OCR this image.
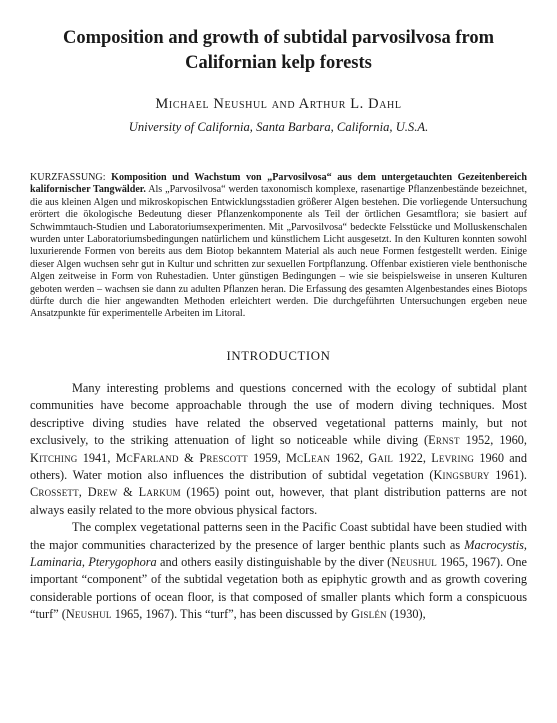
Composition and growth of subtidal parvosilvosa from Californian kelp forests
Michael Neushul and Arthur L. Dahl
University of California, Santa Barbara, California, U.S.A.
KURZFASSUNG: Komposition und Wachstum von „Parvosilvosa“ aus dem untergetauchten Gezeitenbereich kalifornischer Tangwälder. Als „Parvosilvosa“ werden taxonomisch komplexe, rasenartige Pflanzenbestände bezeichnet, die aus kleinen Algen und mikroskopischen Entwicklungsstadien größerer Algen bestehen. Die vorliegende Untersuchung erörtert die ökologische Bedeutung dieser Pflanzenkomponente als Teil der örtlichen Gesamtflora; sie basiert auf Schwimmtauch-Studien und Laboratoriumsexperimenten. Mit „Parvosilvosa“ bedeckte Felsstücke und Molluskenschalen wurden unter Laboratoriumsbedingungen natürlichem und künstlichem Licht ausgesetzt. In den Kulturen konnten sowohl luxurierende Formen von bereits aus dem Biotop bekanntem Material als auch neue Formen festgestellt werden. Einige dieser Algen wuchsen sehr gut in Kultur und schritten zur sexuellen Fortpflanzung. Offenbar existieren viele benthonische Algen zeitweise in Form von Ruhestadien. Unter günstigen Bedingungen – wie sie beispielsweise in unseren Kulturen geboten werden – wachsen sie dann zu adulten Pflanzen heran. Die Erfassung des gesamten Algenbestandes eines Biotops dürfte durch die hier angewandten Methoden erleichtert werden. Die durchgeführten Untersuchungen ergeben neue Ansatzpunkte für experimentelle Arbeiten im Litoral.
INTRODUCTION

Many interesting problems and questions concerned with the ecology of subtidal plant communities have become approachable through the use of modern diving techniques. Most descriptive diving studies have related the observed vegetational patterns mainly, but not exclusively, to the striking attenuation of light so noticeable while diving (Ernst 1952, 1960, Kitching 1941, McFarland & Prescott 1959, McLean 1962, Gail 1922, Levring 1960 and others). Water motion also influences the distribution of subtidal vegetation (Kingsbury 1961). Crossett, Drew & Larkum (1965) point out, however, that plant distribution patterns are not always easily related to the more obvious physical factors.

The complex vegetational patterns seen in the Pacific Coast subtidal have been studied with the major communities characterized by the presence of larger benthic plants such as Macrocystis, Laminaria, Pterygophora and others easily distinguishable by the diver (Neushul 1965, 1967). One important “component” of the subtidal vegetation both as epiphytic growth and as growth covering considerable portions of ocean floor, is that composed of smaller plants which form a conspicuous “turf” (Neushul 1965, 1967). This “turf”, has been discussed by Gislén (1930),
